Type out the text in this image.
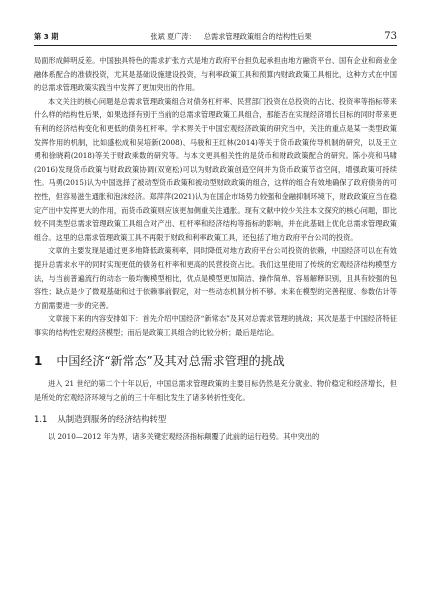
第 3 期	张斌 夏广涛： 总需求管理政策组合的结构性后果	73

局面形成鲜明反差。中国独具特色的需求扩张方式是地方政府平台担负起承担由地方融资平台、国有企业和商业金融体系配合的准债投资，尤其是基础设施建设投资，与利率政策工具和预算内财政政策工具相比，这种方式在中国的总需求管理政策实践当中发挥了更加突出的作用。

本文关注的核心问题是总需求管理政策组合对债务杠杆率、民营部门投资在总投资的占比、投资率等指标带来什么样的结构性后果，如果选择有别于当前的总需求管理政策工具组合，那能否在实现经济增长目标的同时带来更有利的经济结构变化和更低的债务杠杆率。学术界关于中国宏观经济政策的研究当中，关注的重点是某一类型政策发挥作用的机制，比如盛松成和吴培新(2008)、马骏和王红林(2014)等关于货币政策传导机制的研究，以及王立勇和徐晓莉(2018)等关于财政乘数的研究等。与本文更具相关性的是货币和财政政策配合的研究。陈小亮和马啸(2016)发现货币政策与财政政策协调(双宽松)可以为财政政策创造空间并为货币政策节省空间，增强政策可持续性。马勇(2015)认为中国选择了被动型货币政策和被动型财政政策的组合，这样的组合有效地确保了政府债务的可控性，但容易滋生通胀和泡沫经济。郑萍萍(2021)认为在国企市场势力较强和金融抑制环境下，财政政策应当在稳定产出中发挥更大的作用，而货币政策则应该更加侧重关注通胀。现有文献中较少关注本文探究的核心问题，即比较不同类型总需求管理政策工具组合对产出、杠杆率和经济结构等指标的影响，并在此基础上优化总需求管理政策组合。这里的总需求管理政策工具不再限于财政和利率政策工具，还包括了地方政府平台公司的投资。

文章的主要发现是通过更多地降低政策利率，同时降低对地方政府平台公司投资的依赖，中国经济可以在有效提升总需求水平的同时实现更低的债务杠杆率和更高的民营投资占比。我们这里使用了传统的宏观经济结构模型方法，与当前普遍流行的动态一般均衡模型相比，优点是模型更加简洁、操作简单、容易解释识别，且具有较强的包容性；缺点是少了微观基础和过于依赖事前假定，对一些动态机制分析不够。未来在模型的完善程度、参数估计等方面需要进一步的完善。

文章接下来的内容安排如下：首先介绍中国经济“新常态”及其对总需求管理的挑战；其次是基于中国经济特征事实的结构性宏观经济模型；而后是政策工具组合的比较分析；最后是结论。

1 中国经济“新常态”及其对总需求管理的挑战

进入 21 世纪的第二个十年以后，中国总需求管理政策的主要目标仍然是充分就业、物价稳定和经济增长，但是所处的宏观经济环境与之前的三十年相比发生了诸多转折性变化。

1.1 从制造到服务的经济结构转型

以 2010—2012 年为界，诸多关键宏观经济指标颠覆了此前的运行趋势。其中突出的
